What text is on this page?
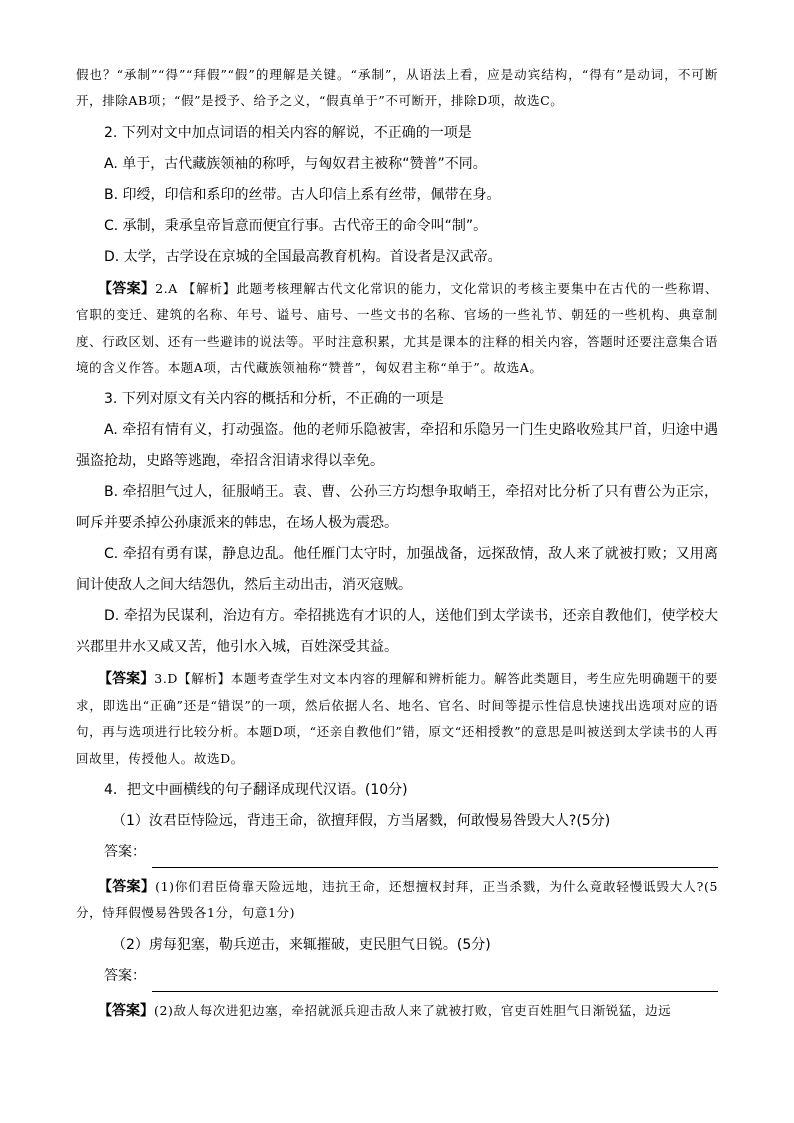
假也？“承制”“得”“拜假”“假”的理解是关键。“承制”，从语法上看，应是动宾结构，“得有”是动词，不可断开，排除AB项；“假”是授予、给予之义，“假真单于”不可断开，排除D项，故选C。

2. 下列对文中加点词语的相关内容的解说，不正确的一项是

A. 单于，古代藏族领袖的称呼，与匈奴君主被称“赞普”不同。

B. 印绶，印信和系印的丝带。古人印信上系有丝带，佩带在身。

C. 承制，秉承皇帝旨意而便宜行事。古代帝王的命令叫“制”。

D. 太学，古学设在京城的全国最高教育机构。首设者是汉武帝。

【答案】2.A 【解析】此题考核理解古代文化常识的能力，文化常识的考核主要集中在古代的一些称谓、官职的变迁、建筑的名称、年号、谥号、庙号、一些文书的名称、官场的一些礼节、朝廷的一些机构、典章制度、行政区划、还有一些避讳的说法等。平时注意积累，尤其是课本的注释的相关内容，答题时还要注意集合语境的含义作答。本题A项，古代藏族领袖称“赞普”，匈奴君主称“单于”。故选A。

3. 下列对原文有关内容的概括和分析，不正确的一项是

A. 牵招有情有义，打动强盗。他的老师乐隐被害，牵招和乐隐另一门生史路收殓其尸首，归途中遇强盗抢劫，史路等逃跑，牵招含泪请求得以幸免。

B. 牵招胆气过人，征服峭王。袁、曹、公孙三方均想争取峭王，牵招对比分析了只有曹公为正宗，呵斥并要杀掉公孙康派来的韩忠，在场人极为震恐。

C. 牵招有勇有谋，静息边乱。他任雁门太守时，加强战备，远探敌情，敌人来了就被打败；又用离间计使敌人之间大结怨仇，然后主动出击，消灭寇贼。

D. 牵招为民谋利，治边有方。牵招挑选有才识的人，送他们到太学读书，还亲自教他们，使学校大兴郡里井水又咸又苦，他引水入城，百姓深受其益。

【答案】3.D【解析】本题考查学生对文本内容的理解和辨析能力。解答此类题目，考生应先明确题干的要求，即选出“正确”还是“错误”的一项，然后依据人名、地名、官名、时间等提示性信息快速找出选项对应的语句，再与选项进行比较分析。本题D项，“还亲自教他们”错，原文“还相授教”的意思是叫被送到太学读书的人再回故里，传授他人。故选D。

4．把文中画横线的句子翻译成现代汉语。(10分)

（1）汝君臣恃险远，背违王命，欲擅拜假，方当屠戮，何敢慢易咎毁大人?(5分)

答案：

【答案】(1)你们君臣倚靠天险远地，违抗王命，还想擅权封拜，正当杀戮，为什么竟敢轻慢诋毁大人?(5分，恃拜假慢易咎毁各1分，句意1分)

（2）虏每犯塞，勒兵逆击，来辄摧破，吏民胆气日锐。(5分)

答案：

【答案】(2)敌人每次进犯边塞，牵招就派兵迎击敌人来了就被打败，官吏百姓胆气日渐锐猛，边远
